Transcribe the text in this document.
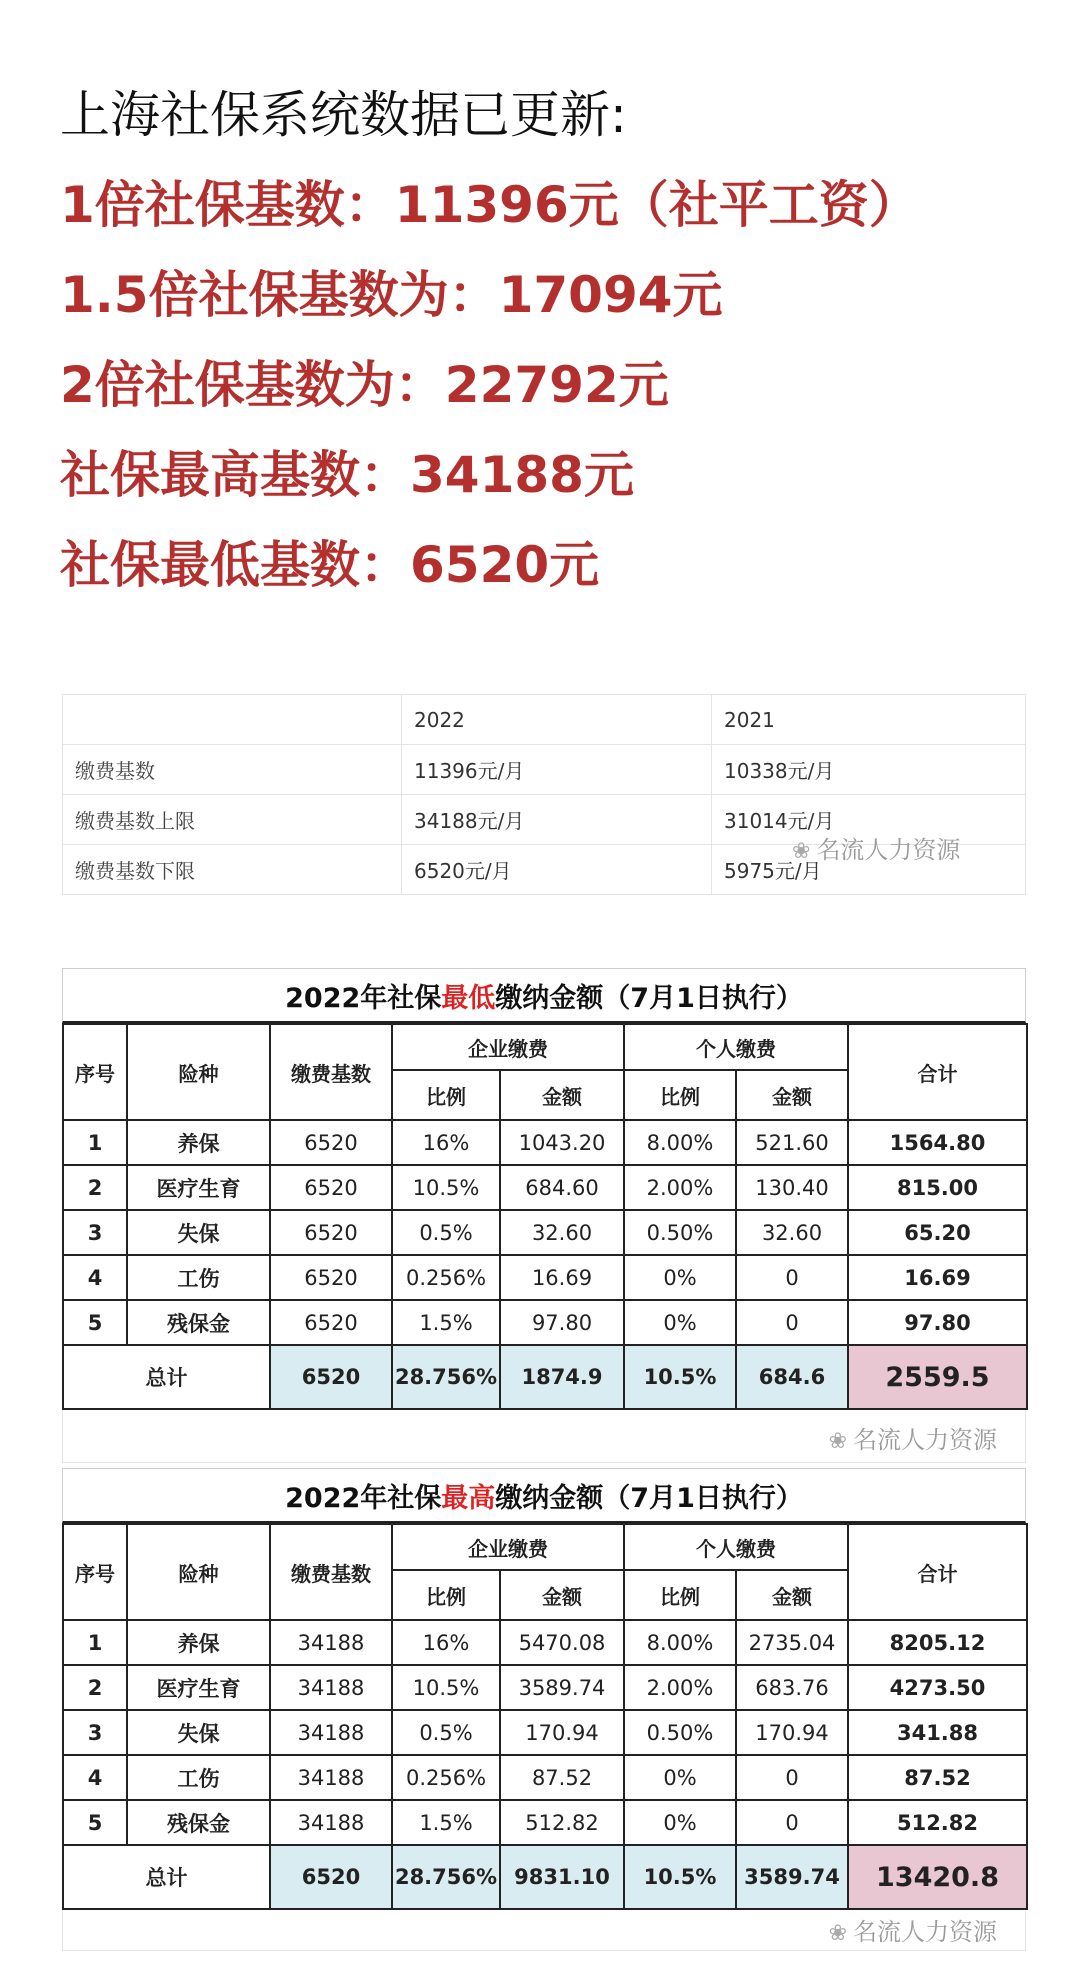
上海社保系统数据已更新:
1倍社保基数：11396元（社平工资）
1.5倍社保基数为：17094元
2倍社保基数为：22792元
社保最高基数：34188元
社保最低基数：6520元
	2022	2021
缴费基数	11396元/月	10338元/月
缴费基数上限	34188元/月	31014元/月
缴费基数下限	6520元/月	5975元/月
❀ 名流人力资源
2022年社保 最低 缴纳金额（7月1日执行）
序号	险种	缴费基数	企业缴费		个人缴费		合计
			比例	金额	比例	金额	
1	养保	6520	16%	1043.20	8.00%	521.60	1564.80
2	医疗生育	6520	10.5%	684.60	2.00%	130.40	815.00
3	失保	6520	0.5%	32.60	0.50%	32.60	65.20
4	工伤	6520	0.256%	16.69	0%	0	16.69
5	残保金	6520	1.5%	97.80	0%	0	97.80
总计		6520	28.756%	1874.9	10.5%	684.6	2559.5
❀ 名流人力资源
2022年社保 最高 缴纳金额（7月1日执行）
序号	险种	缴费基数	企业缴费		个人缴费		合计
			比例	金额	比例	金额	
1	养保	34188	16%	5470.08	8.00%	2735.04	8205.12
2	医疗生育	34188	10.5%	3589.74	2.00%	683.76	4273.50
3	失保	34188	0.5%	170.94	0.50%	170.94	341.88
4	工伤	34188	0.256%	87.52	0%	0	87.52
5	残保金	34188	1.5%	512.82	0%	0	512.82
总计		6520	28.756%	9831.10	10.5%	3589.74	13420.8
❀ 名流人力资源
